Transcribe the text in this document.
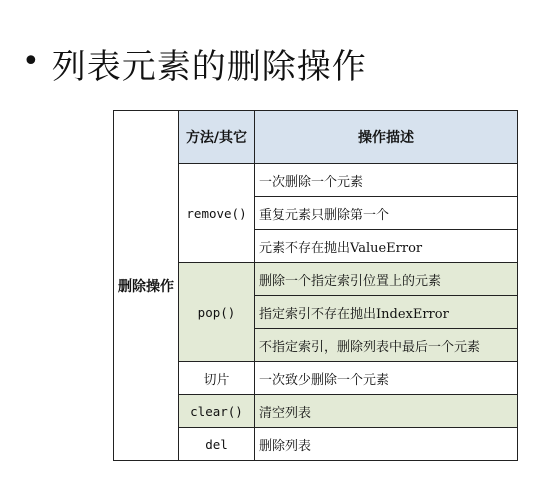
• 列表元素的删除操作
删除操作	方法/其它	操作描述
	remove()	一次删除一个元素
		重复元素只删除第一个
		元素不存在抛出ValueError
	pop()	删除一个指定索引位置上的元素
		指定索引不存在抛出IndexError
		不指定索引，删除列表中最后一个元素
	切片	一次致少删除一个元素
	clear()	清空列表
	del	删除列表
